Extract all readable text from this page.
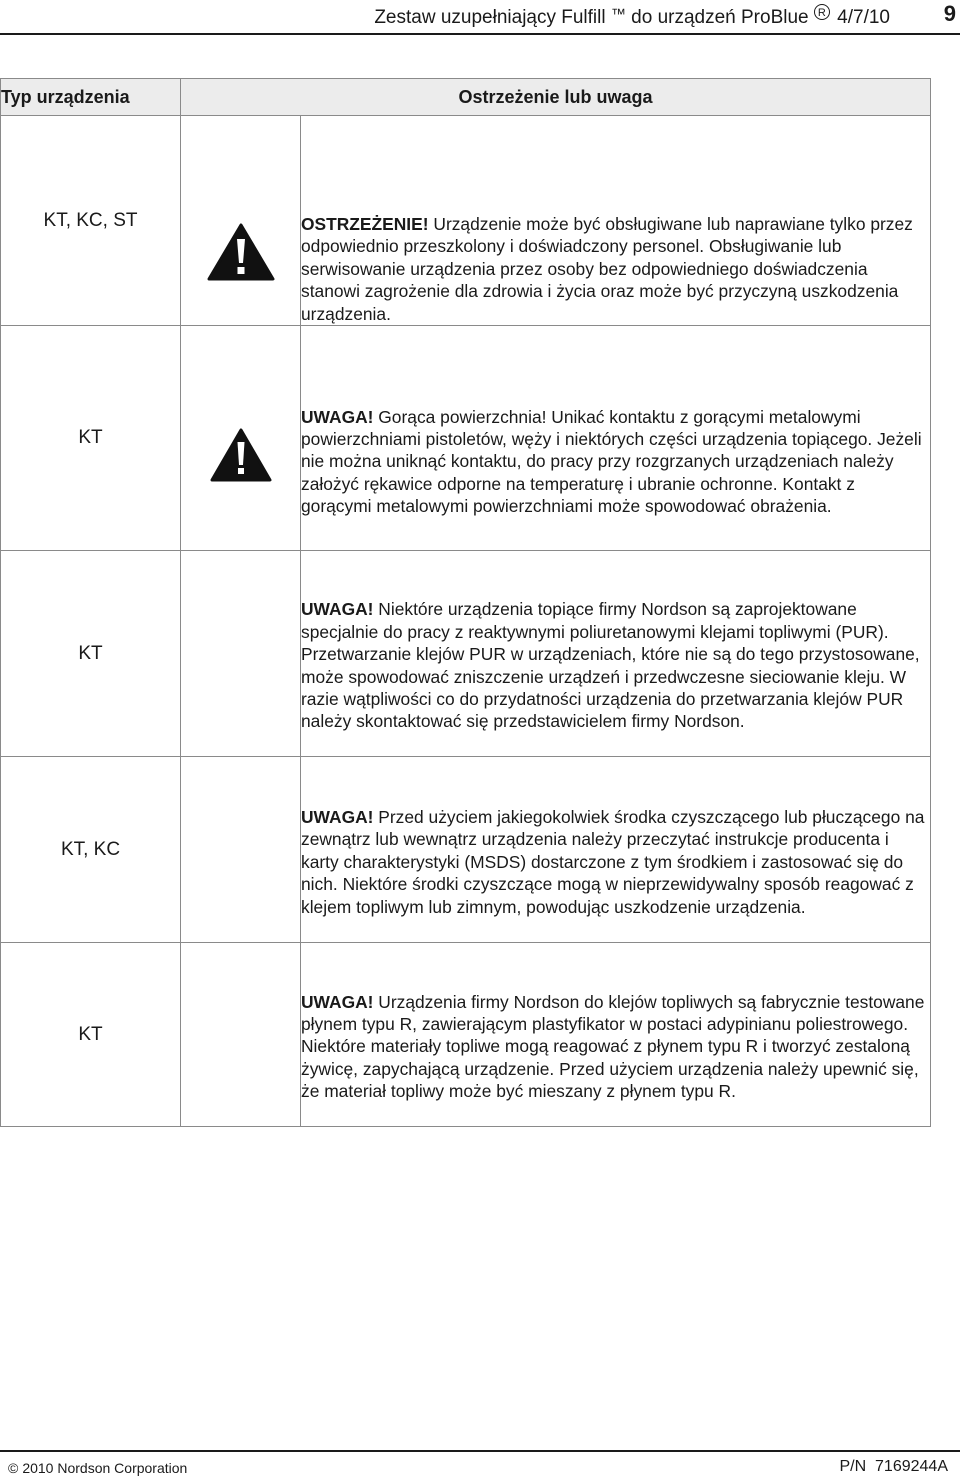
Zestaw uzupełniający Fulfill ™ do urządzeń ProBlue R 4/7/10 9
Typ urządzenia	Ostrzeżenie lub uwaga	
KT, KC, ST		OSTRZEŻENIE! Urządzenie może być obsługiwane lub naprawiane tylko przez odpowiednio przeszkolony i doświadczony personel. Obsługiwanie lub serwisowanie urządzenia przez osoby bez odpowiedniego doświadczenia stanowi zagrożenie dla zdrowia i życia oraz może być przyczyną uszkodzenia urządzenia.

KT		UWAGA! Gorąca powierzchnia! Unikać kontaktu z gorącymi metalowymi powierzchniami pistoletów, węży i niektórych części urządzenia topiącego. Jeżeli nie można uniknąć kontaktu, do pracy przy rozgrzanych urządzeniach należy założyć rękawice odporne na temperaturę i ubranie ochronne. Kontakt z gorącymi metalowymi powierzchniami może spowodować obrażenia.

KT		UWAGA! Niektóre urządzenia topiące firmy Nordson są zaprojektowane specjalnie do pracy z reaktywnymi poliuretanowymi klejami topliwymi (PUR). Przetwarzanie klejów PUR w urządzeniach, które nie są do tego przystosowane, może spowodować zniszczenie urządzeń i przedwczesne sieciowanie kleju. W razie wątpliwości co do przydatności urządzenia do przetwarzania klejów PUR należy skontaktować się przedstawicielem firmy Nordson.

KT, KC		UWAGA! Przed użyciem jakiegokolwiek środka czyszczącego lub płuczącego na zewnątrz lub wewnątrz urządzenia należy przeczytać instrukcje producenta i karty charakterystyki (MSDS) dostarczone z tym środkiem i zastosować się do nich. Niektóre środki czyszczące mogą w nieprzewidywalny sposób reagować z klejem topliwym lub zimnym, powodując uszkodzenie urządzenia.

KT		UWAGA! Urządzenia firmy Nordson do klejów topliwych są fabrycznie testowane płynem typu R, zawierającym plastyfikator w postaci adypinianu poliestrowego. Niektóre materiały topliwe mogą reagować z płynem typu R i tworzyć zestaloną żywicę, zapychającą urządzenie. Przed użyciem urządzenia należy upewnić się, że materiał topliwy może być mieszany z płynem typu R.
© 2010 Nordson Corporation	P/N  7169244A
